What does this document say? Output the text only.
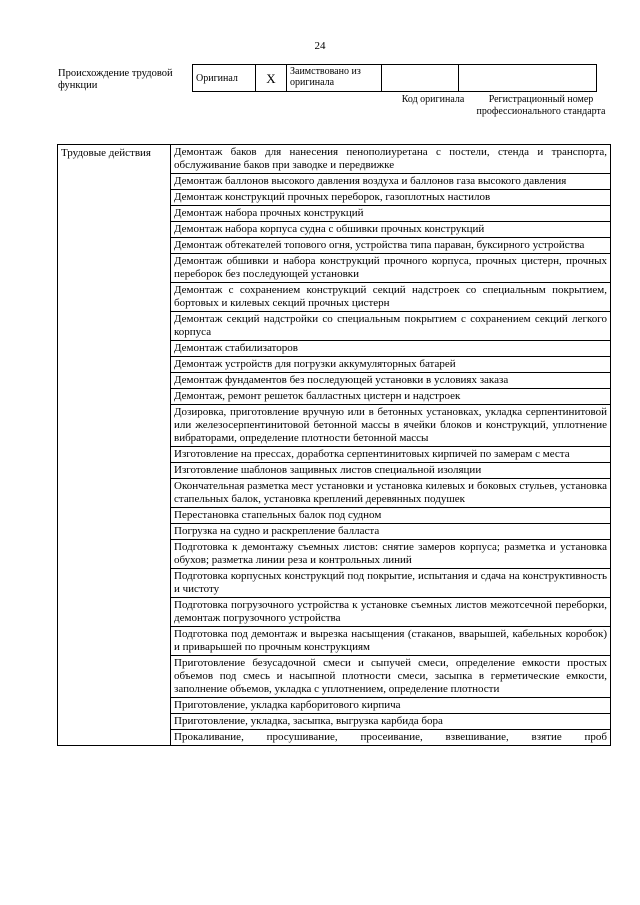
24
Происхождение трудовой функции
Оригинал	X	Заимствовано из оригинала		
Код оригинала	Регистрационный номер профессионального стандарта
Трудовые действия	Демонтаж баков для нанесения пенополиуретана с постели, стенда и транспорта, обслуживание баков при заводке и передвижке
Демонтаж баллонов высокого давления воздуха и баллонов газа высокого давления
Демонтаж конструкций прочных переборок, газоплотных настилов
Демонтаж набора прочных конструкций
Демонтаж набора корпуса судна с обшивки прочных конструкций
Демонтаж обтекателей топового огня, устройства типа параван, буксирного устройства
Демонтаж обшивки и набора конструкций прочного корпуса, прочных цистерн, прочных переборок без последующей установки
Демонтаж с сохранением конструкций секций надстроек со специальным покрытием, бортовых и килевых секций прочных цистерн
Демонтаж секций надстройки со специальным покрытием с сохранением секций легкого корпуса
Демонтаж стабилизаторов
Демонтаж устройств для погрузки аккумуляторных батарей
Демонтаж фундаментов без последующей установки в условиях заказа
Демонтаж, ремонт решеток балластных цистерн и надстроек
Дозировка, приготовление вручную или в бетонных установках, укладка серпентинитовой или железосерпентинитовой бетонной массы в ячейки блоков и конструкций, уплотнение вибраторами, определение плотности бетонной массы
Изготовление на прессах, доработка серпентинитовых кирпичей по замерам с места
Изготовление шаблонов защивных листов специальной изоляции
Окончательная разметка мест установки и установка килевых и боковых стульев, установка стапельных балок, установка креплений деревянных подушек
Перестановка стапельных балок под судном
Погрузка на судно и раскрепление балласта
Подготовка к демонтажу съемных листов: снятие замеров корпуса; разметка и установка обухов; разметка линии реза и контрольных линий
Подготовка корпусных конструкций под покрытие, испытания и сдача на конструктивность и чистоту
Подготовка погрузочного устройства к установке съемных листов межотсечной переборки, демонтаж погрузочного устройства
Подготовка под демонтаж и вырезка насыщения (стаканов, вварышей, кабельных коробок) и приварышей по прочным конструкциям
Приготовление безусадочной смеси и сыпучей смеси, определение емкости простых объемов под смесь и насыпной плотности смеси, засыпка в герметические емкости, заполнение объемов, укладка с уплотнением, определение плотности
Приготовление, укладка карборитового кирпича
Приготовление, укладка, засыпка, выгрузка карбида бора
Прокаливание, просушивание, просеивание, взвешивание, взятие проб
